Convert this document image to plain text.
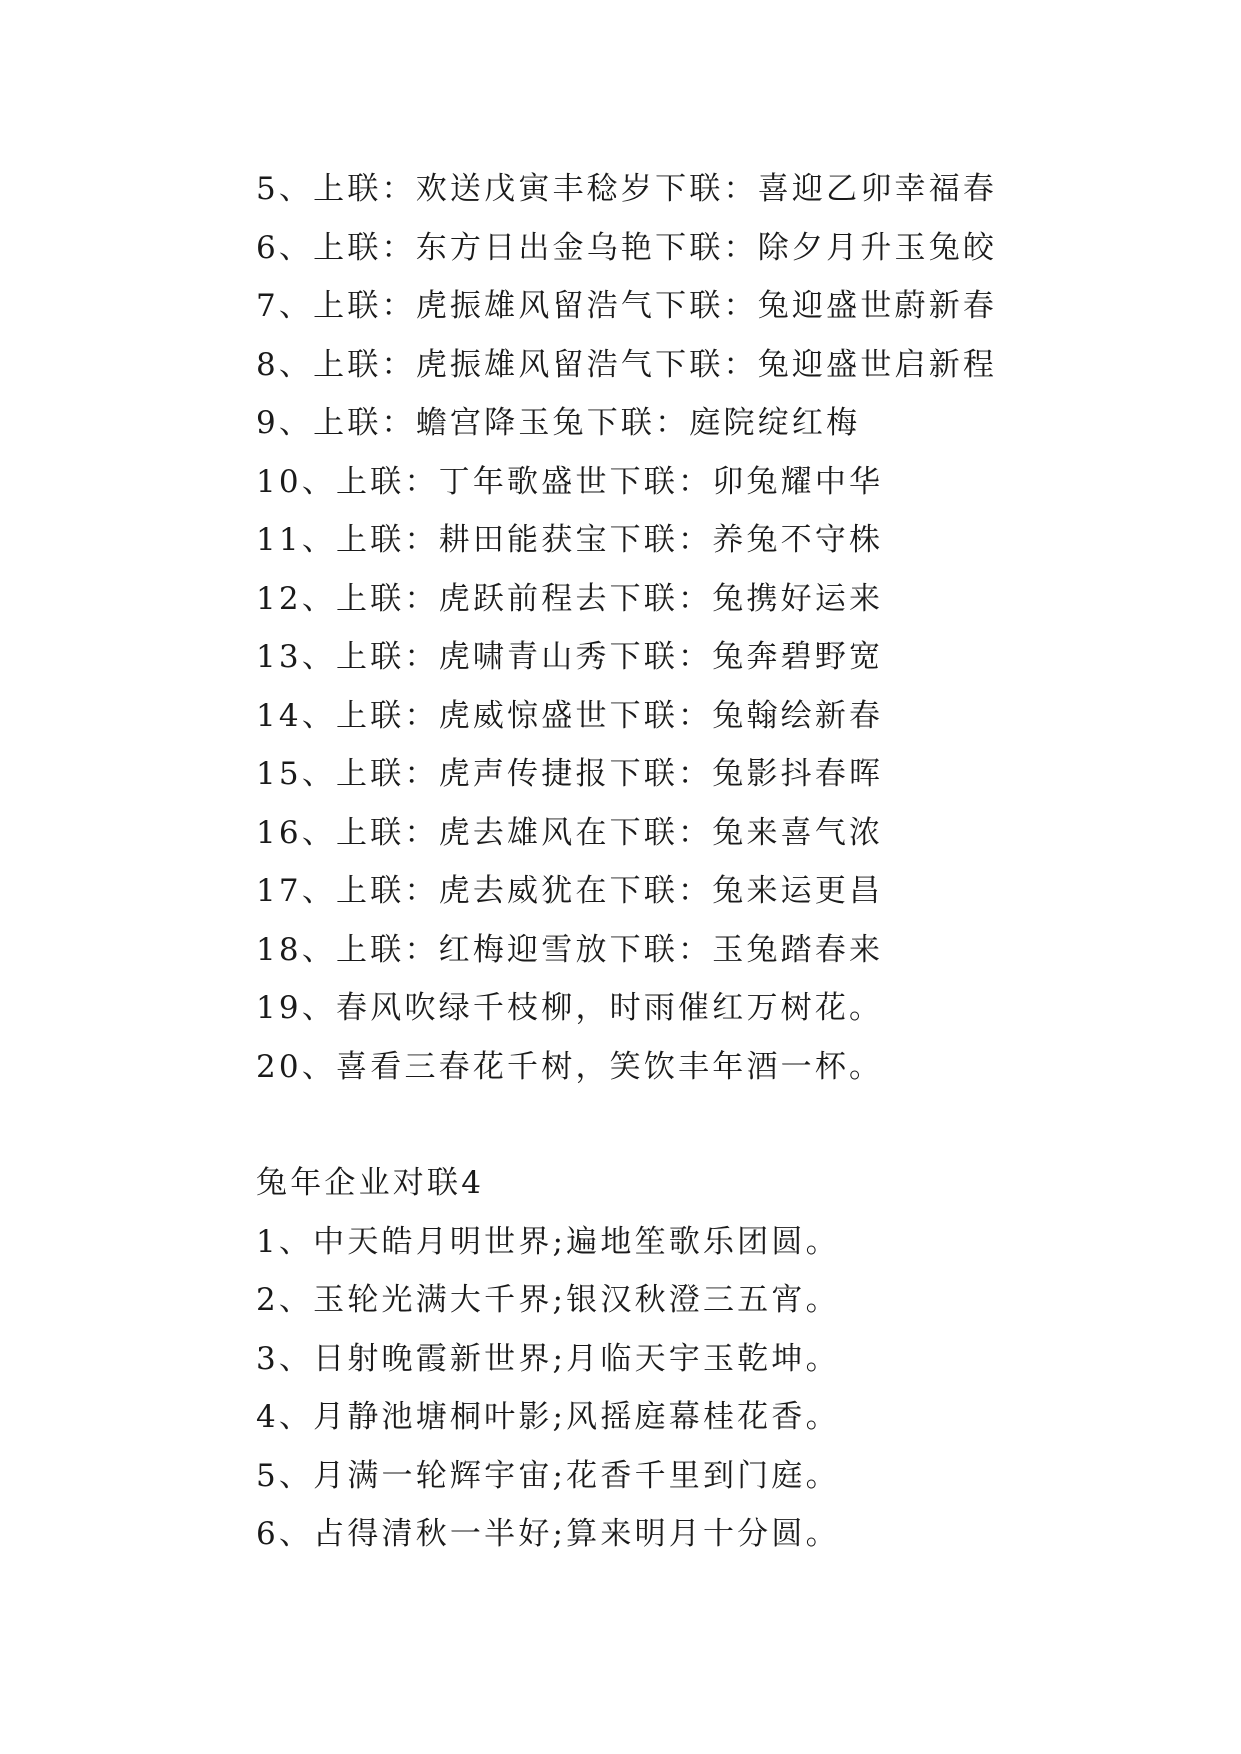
5、上联：欢送戊寅丰稔岁下联：喜迎乙卯幸福春
6、上联：东方日出金乌艳下联：除夕月升玉兔皎
7、上联：虎振雄风留浩气下联：兔迎盛世蔚新春
8、上联：虎振雄风留浩气下联：兔迎盛世启新程
9、上联：蟾宫降玉兔下联：庭院绽红梅
10、上联：丁年歌盛世下联：卯兔耀中华
11、上联：耕田能获宝下联：养兔不守株
12、上联：虎跃前程去下联：兔携好运来
13、上联：虎啸青山秀下联：兔奔碧野宽
14、上联：虎威惊盛世下联：兔翰绘新春
15、上联：虎声传捷报下联：兔影抖春晖
16、上联：虎去雄风在下联：兔来喜气浓
17、上联：虎去威犹在下联：兔来运更昌
18、上联：红梅迎雪放下联：玉兔踏春来
19、春风吹绿千枝柳，时雨催红万树花。
20、喜看三春花千树，笑饮丰年酒一杯。
兔年企业对联4
1、中天皓月明世界;遍地笙歌乐团圆。
2、玉轮光满大千界;银汉秋澄三五宵。
3、日射晚霞新世界;月临天宇玉乾坤。
4、月静池塘桐叶影;风摇庭幕桂花香。
5、月满一轮辉宇宙;花香千里到门庭。
6、占得清秋一半好;算来明月十分圆。
